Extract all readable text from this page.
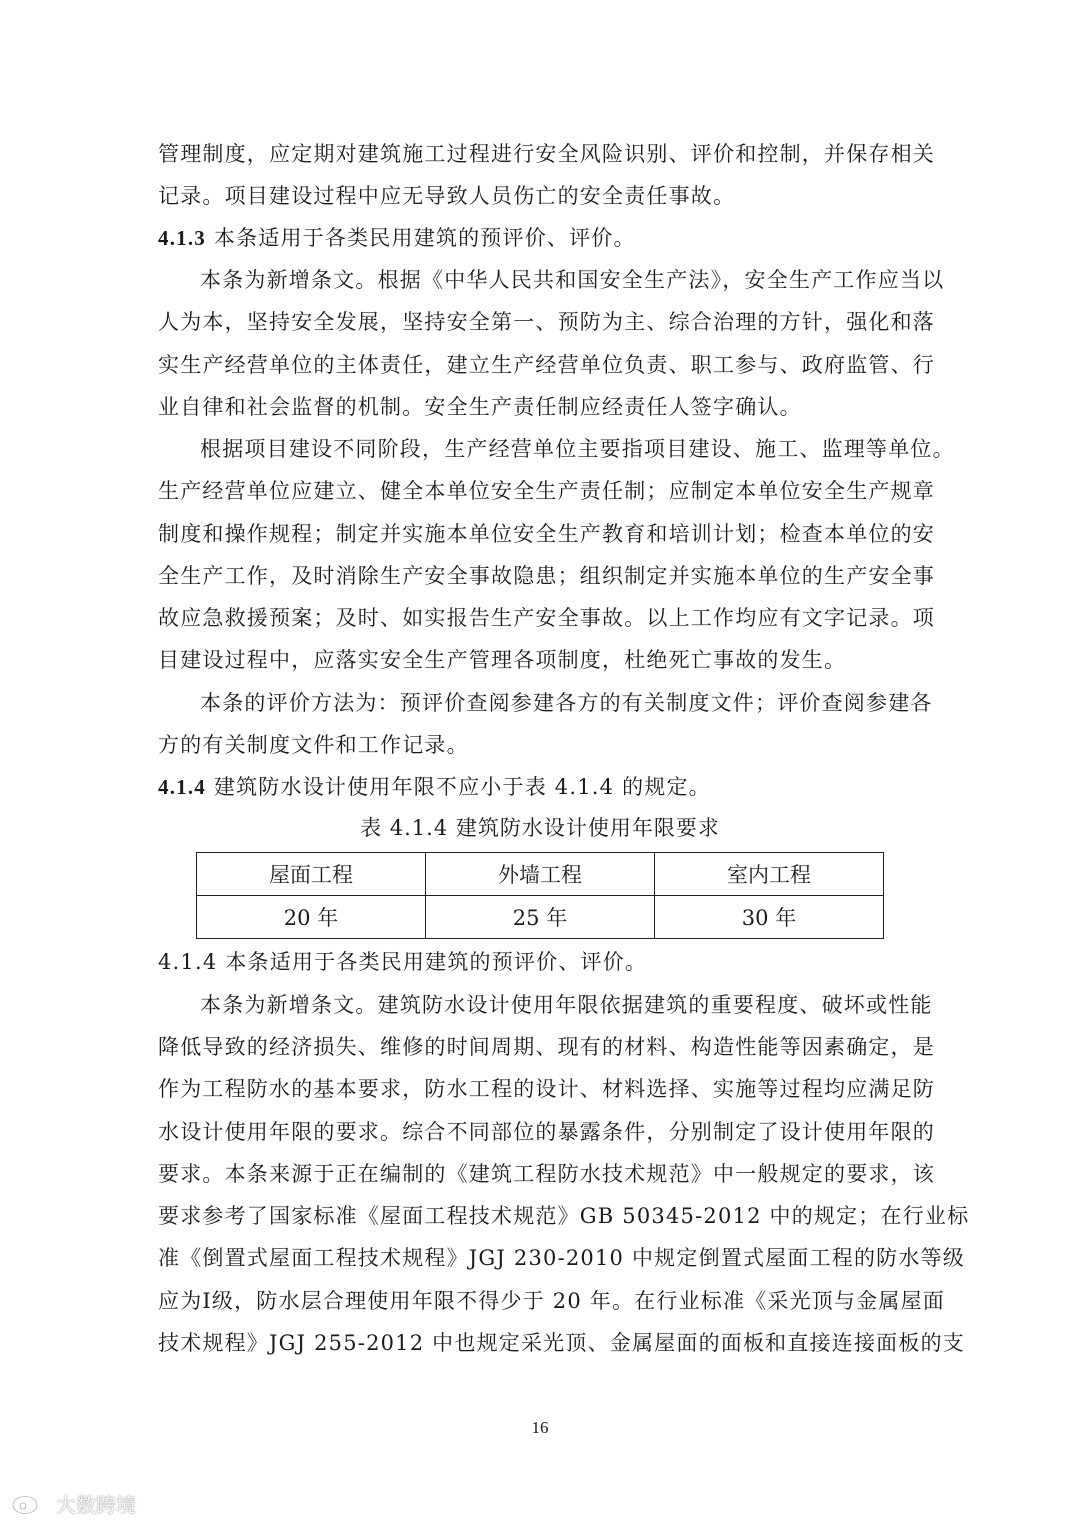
管理制度，应定期对建筑施工过程进行安全风险识别、评价和控制，并保存相关
记录。项目建设过程中应无导致人员伤亡的安全责任事故。
4.1.3 本条适用于各类民用建筑的预评价、评价。
本条为新增条文。根据《中华人民共和国安全生产法》，安全生产工作应当以
人为本，坚持安全发展，坚持安全第一、预防为主、综合治理的方针，强化和落
实生产经营单位的主体责任，建立生产经营单位负责、职工参与、政府监管、行
业自律和社会监督的机制。安全生产责任制应经责任人签字确认。
根据项目建设不同阶段，生产经营单位主要指项目建设、施工、监理等单位。
生产经营单位应建立、健全本单位安全生产责任制；应制定本单位安全生产规章
制度和操作规程；制定并实施本单位安全生产教育和培训计划；检查本单位的安
全生产工作，及时消除生产安全事故隐患；组织制定并实施本单位的生产安全事
故应急救援预案；及时、如实报告生产安全事故。以上工作均应有文字记录。项
目建设过程中，应落实安全生产管理各项制度，杜绝死亡事故的发生。
本条的评价方法为：预评价查阅参建各方的有关制度文件；评价查阅参建各
方的有关制度文件和工作记录。
4.1.4 建筑防水设计使用年限不应小于表 4.1.4 的规定。
表 4.1.4 建筑防水设计使用年限要求
屋面工程	外墙工程	室内工程
20 年	25 年	30 年
4.1.4 本条适用于各类民用建筑的预评价、评价。
本条为新增条文。建筑防水设计使用年限依据建筑的重要程度、破坏或性能
降低导致的经济损失、维修的时间周期、现有的材料、构造性能等因素确定，是
作为工程防水的基本要求，防水工程的设计、材料选择、实施等过程均应满足防
水设计使用年限的要求。综合不同部位的暴露条件，分别制定了设计使用年限的
要求。本条来源于正在编制的《建筑工程防水技术规范》中一般规定的要求，该
要求参考了国家标准《屋面工程技术规范》GB 50345-2012 中的规定；在行业标
准《倒置式屋面工程技术规程》JGJ 230-2010 中规定倒置式屋面工程的防水等级
应为Ⅰ级，防水层合理使用年限不得少于 20 年。在行业标准《采光顶与金属屋面
技术规程》JGJ 255-2012 中也规定采光顶、金属屋面的面板和直接连接面板的支
16
大数跨境
